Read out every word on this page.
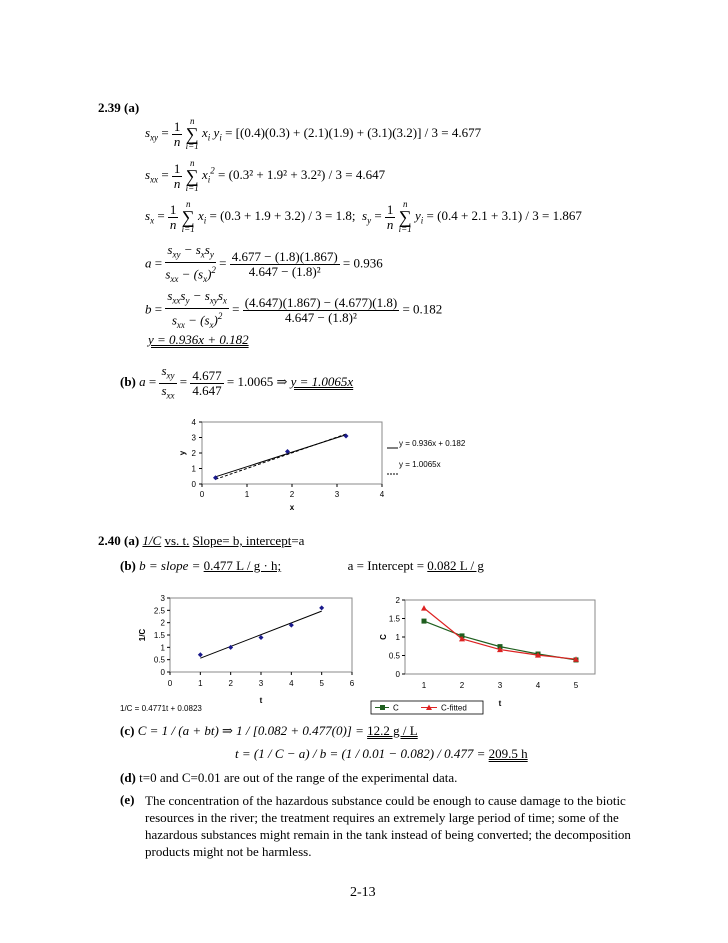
2.39 (a)
$s_{xy} = \frac{1}{n}$
n
∑
i=1
$x_i$ $y_i = [(0.4)(0.3) + (2.1)(1.9) + (3.1)(3.2)] / 3 = 4.677$
$s_{xx} = \frac{1}{n}$
n
∑
i=1
$x_i^2 = (0.3^2 + 1.9^2 + 3.2^2) / 3 = 4.647$
$s_x = \frac{1}{n}$
n
∑
i=1
$x_i = (0.3 + 1.9 + 3.2) / 3 = 1.8$; $s_y = \frac{1}{n}$
n
∑
i=1
$y_i = (0.4 + 2.1 + 3.1) / 3 = 1.867$
$a = \frac{s_{xy} - s_xs_y}{s_{xx} - (s_x)^2} = \frac{4.677 - (1.8)(1.867)}{\text{4.647 − (1.8)²}} = 0.936$
$b = \frac{s_{xx}s_y - s_{xy}s_x}{s_{xx} - (s_x)^2} = \frac{(4.647)(1.867) - (4.677)(1.8)}{\text{4.647 − (1.8)²}} = 0.182$
y = 0.936x + 0.182
(b) $a = \frac{s_{xy}}{s_{xx}} = \frac{4.677}{4.647} = 1.0065$ ⇒ y = 1.0065x
0	1	2	3	4
0
1
2
3
4
x
y
y = 0.936x + 0.182
y = 1.0065x
2.40 (a) 1/C vs. t. Slope= b, intercept=a
(b) b = slope = 0.477 L / g · h;	a = Intercept = 0.082 L / g
0	1	2	3	4	5	6
0
0.5
1
1.5
2
2.5
3
t
1/C
1/C = 0.4771t + 0.0823
1	2	3	4	5
0
0.5
1
1.5
2
t
C
C	C-fitted
(c) C = 1 / (a + bt) ⇒ 1 / [0.082 + 0.477(0)] = 12.2 g / L
t = (1 / C − a) / b = (1 / 0.01 − 0.082) / 0.477 = 209.5 h
(d) t=0 and C=0.01 are out of the range of the experimental data.
(e) The concentration of the hazardous substance could be enough to cause damage to the biotic resources in the river; the treatment requires an extremely large period of time; some of the hazardous substances might remain in the tank instead of being converted; the decomposition products might not be harmless.
2-13
